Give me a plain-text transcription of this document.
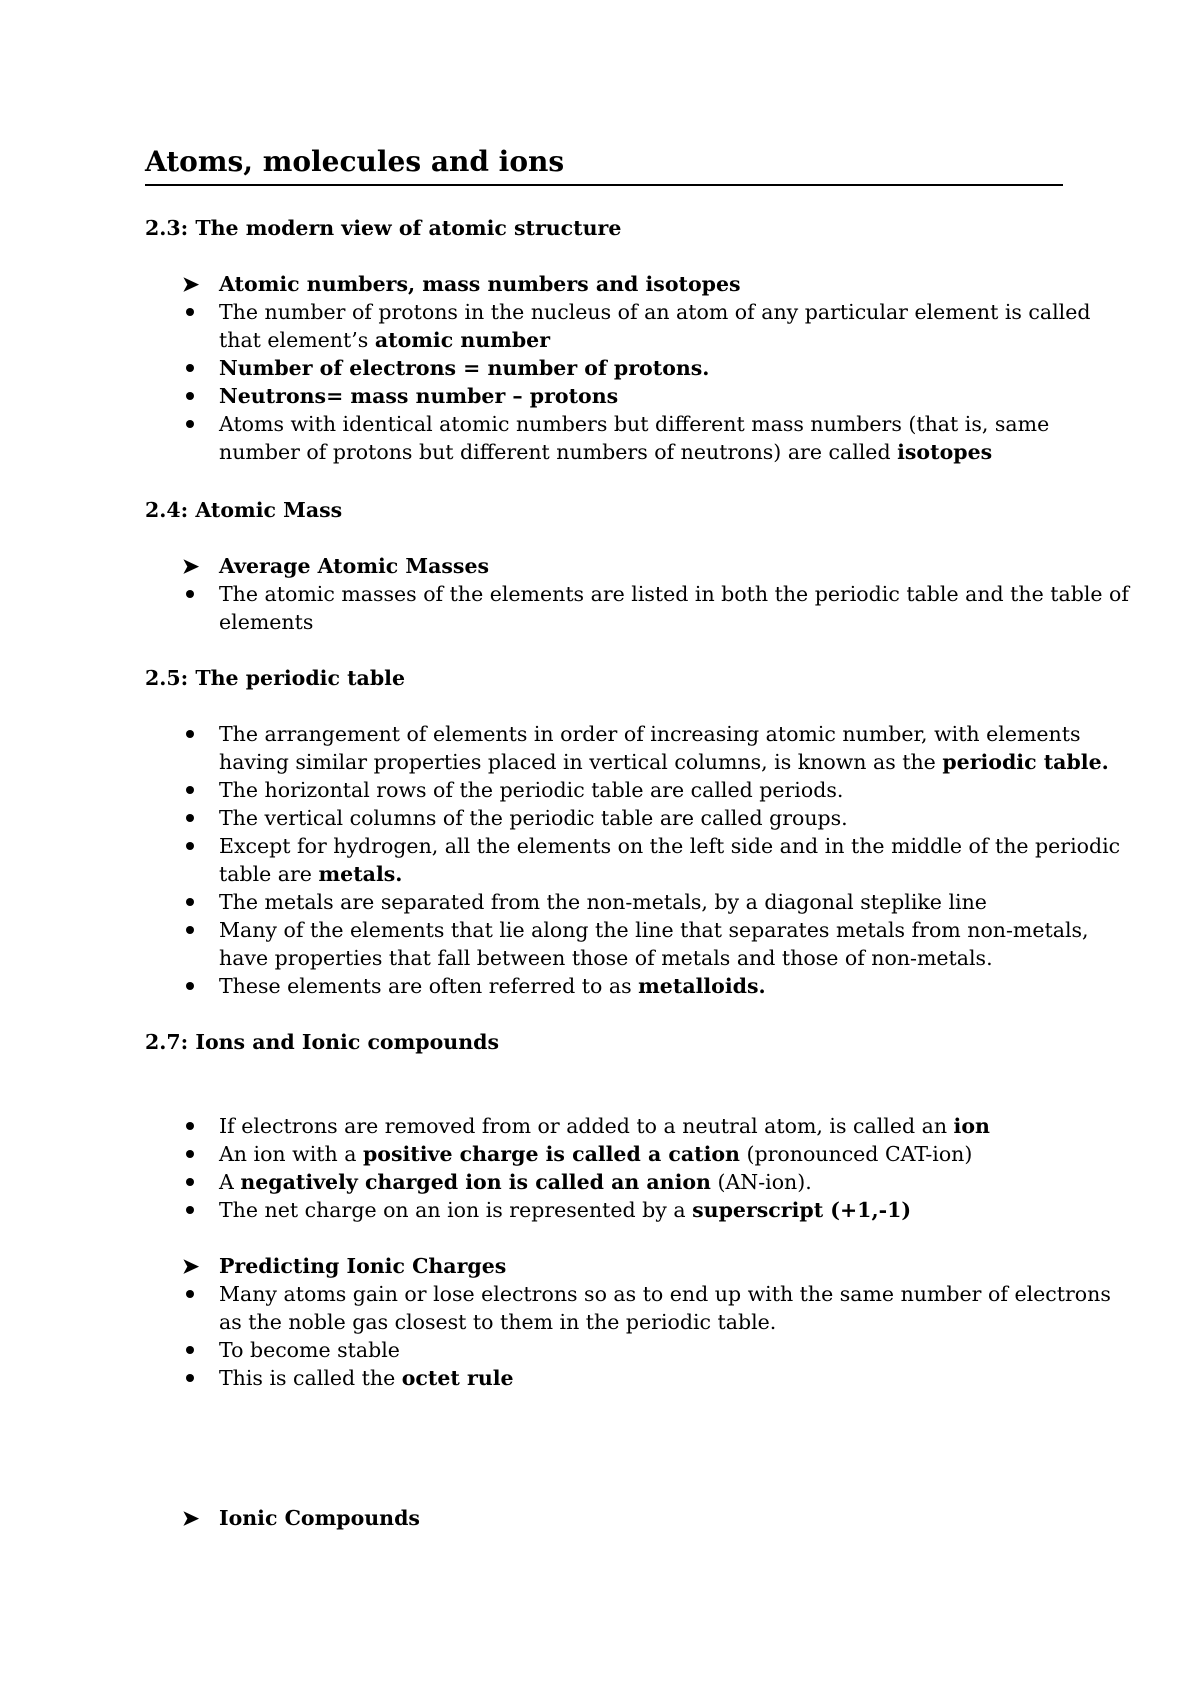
Atoms, molecules and ions
2.3: The modern view of atomic structure
➤ Atomic numbers, mass numbers and isotopes
The number of protons in the nucleus of an atom of any particular element is called
that element’s atomic number
Number of electrons = number of protons.
Neutrons= mass number – protons
Atoms with identical atomic numbers but different mass numbers (that is, same
number of protons but different numbers of neutrons) are called isotopes
2.4: Atomic Mass
➤ Average Atomic Masses
The atomic masses of the elements are listed in both the periodic table and the table of
elements
2.5: The periodic table
The arrangement of elements in order of increasing atomic number, with elements
having similar properties placed in vertical columns, is known as the periodic table.
The horizontal rows of the periodic table are called periods.
The vertical columns of the periodic table are called groups.
Except for hydrogen, all the elements on the left side and in the middle of the periodic
table are metals.
The metals are separated from the non-metals, by a diagonal steplike line
Many of the elements that lie along the line that separates metals from non-metals,
have properties that fall between those of metals and those of non-metals.
These elements are often referred to as metalloids.
2.7: Ions and Ionic compounds
If electrons are removed from or added to a neutral atom, is called an ion
An ion with a positive charge is called a cation (pronounced CAT-ion)
A negatively charged ion is called an anion (AN-ion).
The net charge on an ion is represented by a superscript (+1,-1)
➤ Predicting Ionic Charges
Many atoms gain or lose electrons so as to end up with the same number of electrons
as the noble gas closest to them in the periodic table.
To become stable
This is called the octet rule
➤ Ionic Compounds
